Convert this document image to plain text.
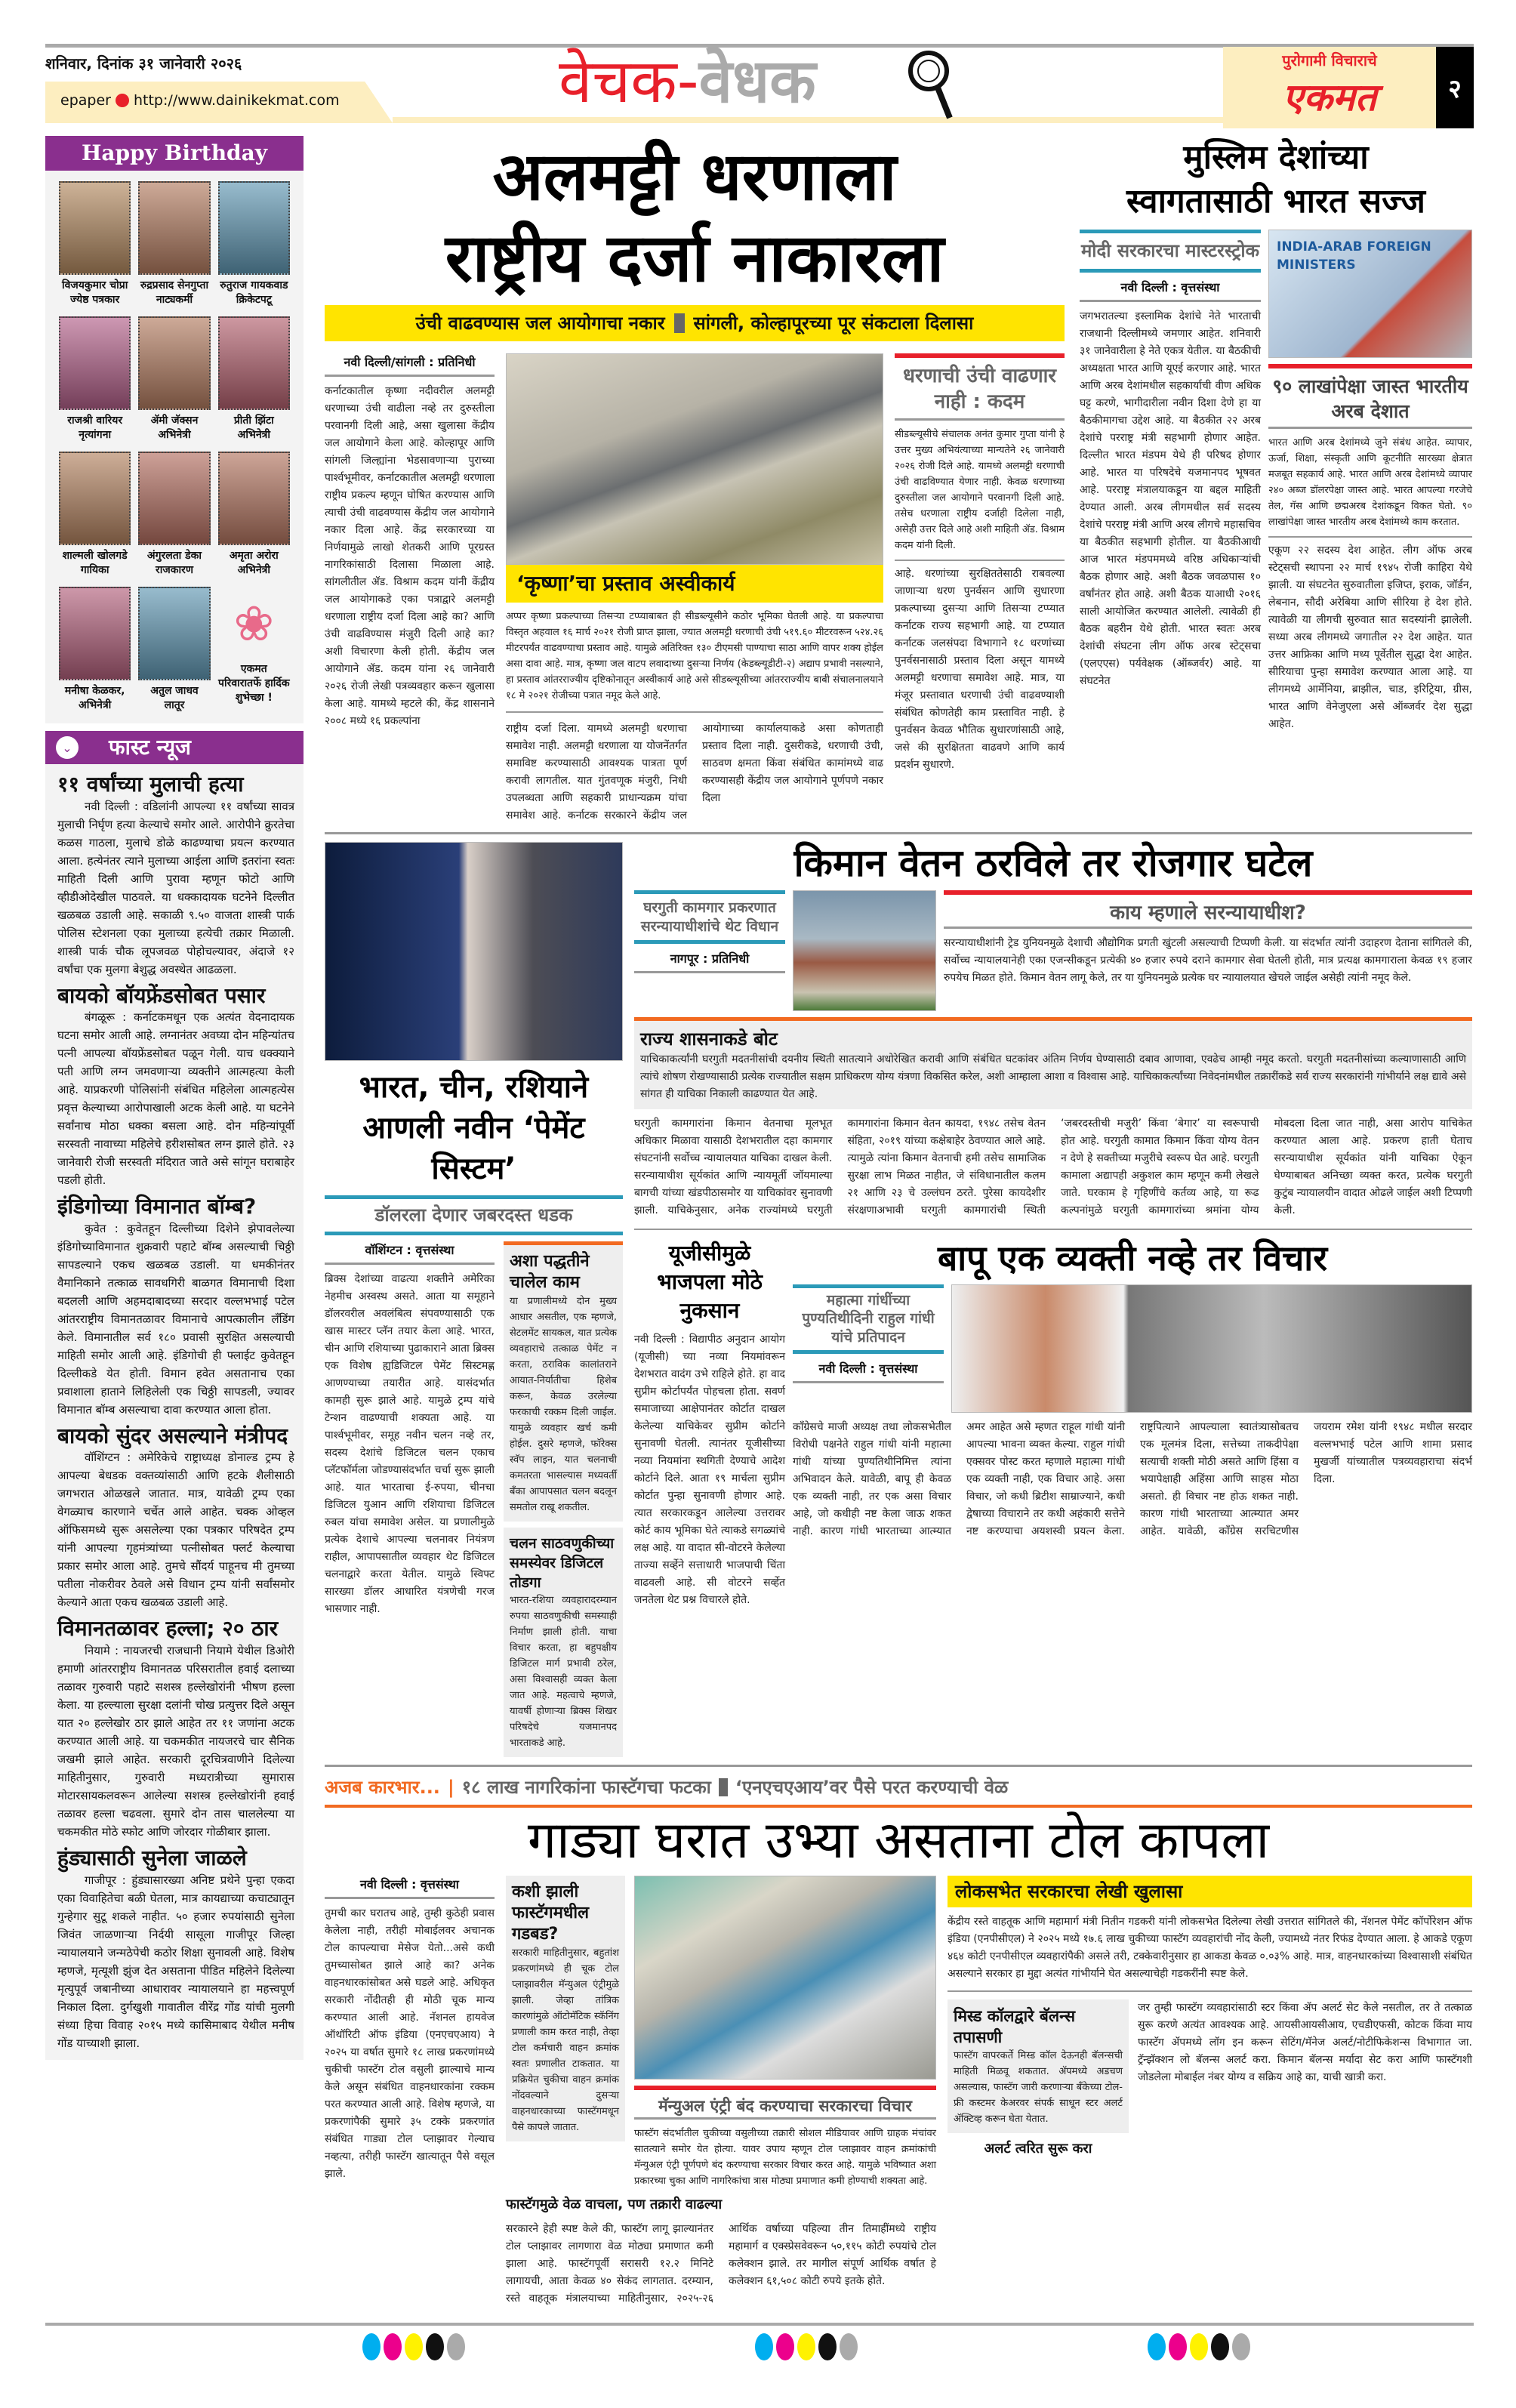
शनिवार, दिनांक ३१ जानेवारी २०२६
epaper http://www.dainikekmat.com	वेचक-वेधक	पुरोगामी विचाराचे
एकमत	२
Happy Birthday
विजयकुमार चोप्रा
ज्येष्ठ पत्रकार
रुद्रप्रसाद सेनगुप्ता
नाट्यकर्मी
रुतुराज गायकवाड
क्रिकेटपटू
राजश्री वारियर
नृत्यांगना
ॲमी जॅक्सन
अभिनेत्री
प्रीती झिंटा
अभिनेत्री
शाल्मली खोलगडे
गायिका
अंगुरलता डेका
राजकारण
अमृता अरोरा
अभिनेत्री
मनीषा केळकर,
अभिनेत्री
अतुल जाधव
लातूर
❀
एकमत परिवारातर्फे हार्दिक शुभेच्छा !
⌄ फास्ट न्यूज
११ वर्षांच्या मुलाची हत्या

नवी दिल्ली : वडिलांनी आपल्या ११ वर्षांच्या सावत्र मुलाची निर्घृण हत्या केल्याचे समोर आले. आरोपीने क्रुरतेचा कळस गाठला, मुलाचे डोळे काढण्याचा प्रयत्न करण्यात आला. हत्येनंतर त्याने मुलाच्या आईला आणि इतरांना स्वतः माहिती दिली आणि पुरावा म्हणून फोटो आणि व्हीडीओदेखील पाठवले. या धक्कादायक घटनेने दिल्लीत खळबळ उडाली आहे. सकाळी ९.५० वाजता शास्त्री पार्क पोलिस स्टेशनला एका मुलाच्या हत्येची तक्रार मिळाली. शास्त्री पार्क चौक लूपजवळ पोहोचल्यावर, अंदाजे १२ वर्षांचा एक मुलगा बेशुद्ध अवस्थेत आढळला.

बायको बॉयफ्रेंडसोबत पसार

बंगळूरू : कर्नाटकमधून एक अत्यंत वेदनादायक घटना समोर आली आहे. लग्नानंतर अवघ्या दोन महिन्यांतच पत्नी आपल्या बॉयफ्रेंडसोबत पळून गेली. याच धक्क्याने पती आणि लग्न जमवणाऱ्या व्यक्तीने आत्महत्या केली आहे. याप्रकरणी पोलिसांनी संबंधित महिलेला आत्महत्येस प्रवृत्त केल्याच्या आरोपाखाली अटक केली आहे. या घटनेने सर्वांनाच मोठा धक्का बसला आहे. दोन महिन्यांपूर्वी सरस्वती नावाच्या महिलेचे हरीशसोबत लग्न झाले होते. २३ जानेवारी रोजी सरस्वती मंदिरात जाते असे सांगून घराबाहेर पडली होती.

इंडिगोच्या विमानात बॉम्ब?

कुवेत : कुवेतहून दिल्लीच्या दिशेने झेपावलेल्या इंडिगोच्याविमानात शुक्रवारी पहाटे बॉम्ब असल्याची चिठ्ठी सापडल्याने एकच खळबळ उडाली. या धमकीनंतर वैमानिकाने तत्काळ सावधगिरी बाळगत विमानाची दिशा बदलली आणि अहमदाबादच्या सरदार वल्लभभाई पटेल आंतरराष्ट्रीय विमानतळावर विमानाचे आपत्कालीन लॅंडिंग केले. विमानातील सर्व १८० प्रवासी सुरक्षित असल्याची माहिती समोर आली आहे. इंडिगोची ही फ्लाईट कुवेतहून दिल्लीकडे येत होती. विमान हवेत असतानाच एका प्रवाशाला हाताने लिहिलेली एक चिठ्ठी सापडली, ज्यावर विमानात बॉम्ब असल्याचा दावा करण्यात आला होता.

बायको सुंदर असल्याने मंत्रीपद

वॉशिंग्टन : अमेरिकेचे राष्ट्राध्यक्ष डोनाल्ड ट्रम्प हे आपल्या बेधडक वक्तव्यांसाठी आणि हटके शैलीसाठी जगभरात ओळखले जातात. मात्र, यावेळी ट्रम्प एका वेगळ्याच कारणाने चर्चेत आले आहेत. चक्क ओव्हल ऑफिसमध्ये सुरू असलेल्या एका पत्रकार परिषदेत ट्रम्प यांनी आपल्या गृहमंत्र्यांच्या पत्नीसोबत फ्लर्ट केल्याचा प्रकार समोर आला आहे. तुमचे सौंदर्य पाहूनच मी तुमच्या पतीला नोकरीवर ठेवले असे विधान ट्रम्प यांनी सर्वांसमोर केल्याने आता एकच खळबळ उडाली आहे.

विमानतळावर हल्ला; २० ठार

नियामे : नायजरची राजधानी नियामे येथील डिओरी हमाणी आंतरराष्ट्रीय विमानतळ परिसरातील हवाई दलाच्या तळावर गुरुवारी पहाटे सशस्त्र हल्लेखोरांनी भीषण हल्ला केला. या हल्ल्याला सुरक्षा दलांनी चोख प्रत्युत्तर दिले असून यात २० हल्लेखोर ठार झाले आहेत तर ११ जणांना अटक करण्यात आली आहे. या चकमकीत नायजरचे चार सैनिक जखमी झाले आहेत. सरकारी दूरचित्रवाणीने दिलेल्या माहितीनुसार, गुरुवारी मध्यरात्रीच्या सुमारास मोटारसायकलवरून आलेल्या सशस्त्र हल्लेखोरांनी हवाई तळावर हल्ला चढवला. सुमारे दोन तास चाललेल्या या चकमकीत मोठे स्फोट आणि जोरदार गोळीबार झाला.

हुंड्यासाठी सुनेला जाळले

गाजीपूर : हुंड्यासारख्या अनिष्ट प्रथेने पुन्हा एकदा एका विवाहितेचा बळी घेतला, मात्र कायद्याच्या कचाट्यातून गुन्हेगार सुटू शकले नाहीत. ५० हजार रुपयांसाठी सुनेला जिवंत जाळणाऱ्या निर्दयी सासूला गाजीपूर जिल्हा न्यायालयाने जन्मठेपेची कठोर शिक्षा सुनावली आहे. विशेष म्हणजे, मृत्यूशी झुंज देत असताना पीडित महिलेने दिलेल्या मृत्युपूर्व जबानीच्या आधारावर न्यायालयाने हा महत्त्वपूर्ण निकाल दिला. दुर्गखुशी गावातील वीरेंद्र गोंड यांची मुलगी संध्या हिचा विवाह २०१५ मध्ये कासिमाबाद येथील मनीष गोंड याच्याशी झाला.

अलमट्टी धरणाला
राष्ट्रीय दर्जा नाकारला
उंची वाढवण्यास जल आयोगाचा नकार सांगली, कोल्हापूरच्या पूर संकटाला दिलासा
नवी दिल्ली/सांगली : प्रतिनिधी
कर्नाटकातील कृष्णा नदीवरील अलमट्टी धरणाच्या उंची वाढीला नव्हे तर दुरुस्तीला परवानगी दिली आहे, असा खुलासा केंद्रीय जल आयोगाने केला आहे. कोल्हापूर आणि सांगली जिल्ह्यांना भेडसावणाऱ्या पुराच्या पार्श्वभूमीवर, कर्नाटकातील अलमट्टी धरणाला राष्ट्रीय प्रकल्प म्हणून घोषित करण्यास आणि त्याची उंची वाढवण्यास केंद्रीय जल आयोगाने नकार दिला आहे. केंद्र सरकारच्या या निर्णयामुळे लाखो शेतकरी आणि पूरग्रस्त नागरिकांसाठी दिलासा मिळाला आहे. सांगलीतील ॲड. विश्राम कदम यांनी केंद्रीय जल आयोगाकडे एका पत्राद्वारे अलमट्टी धरणाला राष्ट्रीय दर्जा दिला आहे का? आणि उंची वाढविण्यास मंजुरी दिली आहे का? अशी विचारणा केली होती. केंद्रीय जल आयोगाने ॲड. कदम यांना २६ जानेवारी २०२६ रोजी लेखी पत्रव्यवहार करून खुलासा केला आहे. यामध्ये म्हटले की, केंद्र शासनाने २००८ मध्ये १६ प्रकल्पांना
‘कृष्णा’चा प्रस्ताव अस्वीकार्य
अप्पर कृष्णा प्रकल्पाच्या तिसऱ्या टप्प्याबाबत ही सीडब्ल्यूसीने कठोर भूमिका घेतली आहे. या प्रकल्पाचा विस्तृत अहवाल १६ मार्च २०२१ रोजी प्राप्त झाला, ज्यात अलमट्टी धरणाची उंची ५१९.६० मीटरवरून ५२४.२६ मीटरपर्यंत वाढवण्याचा प्रस्ताव आहे. यामुळे अतिरिक्त १३० टीएमसी पाण्याचा साठा आणि वापर शक्य होईल असा दावा आहे. मात्र, कृष्णा जल वाटप लवादाच्या दुसऱ्या निर्णय (केडब्ल्यूडीटी-२) अद्याप प्रभावी नसल्याने, हा प्रस्ताव आंतरराज्यीय दृष्टिकोनातून अस्वीकार्य आहे असे सीडब्ल्यूसीच्या आंतरराज्यीय बाबी संचालनालयाने १८ मे २०२१ रोजीच्या पत्रात नमूद केले आहे.
राष्ट्रीय दर्जा दिला. यामध्ये अलमट्टी धरणाचा समावेश नाही. अलमट्टी धरणाला या योजनेंतर्गत समाविष्ट करण्यासाठी आवश्यक पात्रता पूर्ण करावी लागतील. यात गुंतवणूक मंजुरी, निधी उपलब्धता आणि सहकारी प्राधान्यक्रम यांचा समावेश आहे. कर्नाटक सरकारने केंद्रीय जल आयोगाच्या कार्यालयाकडे असा कोणताही प्रस्ताव दिला नाही. दुसरीकडे, धरणाची उंची, साठवण क्षमता किंवा संबंधित कामांमध्ये वाढ करण्यासही केंद्रीय जल आयोगाने पूर्णपणे नकार दिला
धरणाची उंची वाढणार नाही : कदम
सीडब्ल्यूसीचे संचालक अनंत कुमार गुप्ता यांनी हे उत्तर मुख्य अभियंत्याच्या मान्यतेने २६ जानेवारी २०२६ रोजी दिले आहे. यामध्ये अलमट्टी धरणाची उंची वाढविण्यात येणार नाही. केवळ धरणाच्या दुरुस्तीला जल आयोगाने परवानगी दिली आहे. तसेच धरणाला राष्ट्रीय दर्जाही दिलेला नाही, असेही उत्तर दिले आहे अशी माहिती ॲड. विश्राम कदम यांनी दिली.
आहे. धरणांच्या सुरक्षिततेसाठी राबवल्या जाणाऱ्या धरण पुनर्वसन आणि सुधारणा प्रकल्पाच्या दुसऱ्या आणि तिसऱ्या टप्प्यात कर्नाटक राज्य सहभागी आहे. या टप्प्यात कर्नाटक जलसंपदा विभागाने १८ धरणांच्या पुनर्वसनासाठी प्रस्ताव दिला असून यामध्ये अलमट्टी धरणाचा समावेश आहे. मात्र, या मंजूर प्रस्तावात धरणाची उंची वाढवण्याशी संबंधित कोणतेही काम प्रस्तावित नाही. हे पुनर्वसन केवळ भौतिक सुधारणांसाठी आहे, जसे की सुरक्षितता वाढवणे आणि कार्य प्रदर्शन सुधारणे.
मुस्लिम देशांच्या
स्वागतासाठी भारत सज्ज
मोदी सरकारचा मास्टरस्ट्रोक
नवी दिल्ली : वृत्तसंस्था
जगभरातल्या इस्लामिक देशांचे नेते भारताची राजधानी दिल्लीमध्ये जमणार आहेत. शनिवारी ३१ जानेवारीला हे नेते एकत्र येतील. या बैठकीची अध्यक्षता भारत आणि यूएई करणार आहे. भारत आणि अरब देशांमधील सहकार्याची वीण अधिक घट्ट करणे, भागीदारीला नवीन दिशा देणे हा या बैठकीमागचा उद्देश आहे. या बैठकीत २२ अरब देशांचे परराष्ट्र मंत्री सहभागी होणार आहेत. दिल्लीत भारत मंडपम येथे ही परिषद होणार आहे. भारत या परिषदेचे यजमानपद भूषवत आहे. परराष्ट्र मंत्रालयाकडून या बद्दल माहिती देण्यात आली. अरब लीगमधील सर्व सदस्य देशांचे परराष्ट्र मंत्री आणि अरब लीगचे महासचिव या बैठकीत सहभागी होतील. या बैठकीआधी आज भारत मंडपममध्ये वरिष्ठ अधिकाऱ्यांची बैठक होणार आहे. अशी बैठक जवळपास १० वर्षांनंतर होत आहे. अशी बैठक याआधी २०१६ साली आयोजित करण्यात आलेली. त्यावेळी ही बैठक बहरीन येथे होती. भारत स्वतः अरब देशांची संघटना लीग ऑफ अरब स्टेट्सचा (एलएएस) पर्यवेक्षक (ऑब्जर्वर) आहे. या संघटनेत
INDIA-ARAB FOREIGN MINISTERS
९० लाखांपेक्षा जास्त भारतीय अरब देशात
भारत आणि अरब देशांमध्ये जुने संबंध आहेत. व्यापार, ऊर्जा, शिक्षा, संस्कृती आणि कूटनीति सारख्या क्षेत्रात मजबूत सहकार्य आहे. भारत आणि अरब देशांमध्ये व्यापार २४० अब्ज डॉलरपेक्षा जास्त आहे. भारत आपल्या गरजेचे तेल, गॅस आणि छद्मअरब देशांकडून विकत घेतो. ९० लाखांपेक्षा जास्त भारतीय अरब देशांमध्ये काम करतात.
एकूण २२ सदस्य देश आहेत. लीग ऑफ अरब स्टेट्सची स्थापना २२ मार्च १९४५ रोजी काहिरा येथे झाली. या संघटनेत सुरुवातीला इजिप्त, इराक, जॉर्डन, लेबनान, सौदी अरेबिया आणि सीरिया हे देश होते. त्यावेळी या लीगची सुरुवात सात सदस्यांनी झालेली. सध्या अरब लीगमध्ये जगातील २२ देश आहेत. यात उत्तर आफ्रिका आणि मध्य पूर्वेतील सुद्धा देश आहेत. सीरियाचा पुन्हा समावेश करण्यात आला आहे. या लीगमध्ये आर्मेनिया, ब्राझील, चाड, इरिट्रिया, ग्रीस, भारत आणि वेनेजुएला असे ऑब्जर्वर देश सुद्धा आहेत.
भारत, चीन, रशियाने आणली नवीन ‘पेमेंट सिस्टम’
डॉलरला देणार जबरदस्त धडक
वॉशिंग्टन : वृत्तसंस्था
ब्रिक्स देशांच्या वाढत्या शक्तीने अमेरिका नेहमीच अस्वस्थ असते. आता या समूहाने डॉलरवरील अवलंबित्व संपवण्यासाठी एक खास मास्टर प्लॅन तयार केला आहे. भारत, चीन आणि रशियाच्या पुढाकाराने आता ब्रिक्स एक विशेष ह्यडिजिटल पेमेंट सिस्टमह्ण आणण्याच्या तयारीत आहे. यासंदर्भात कामही सुरू झाले आहे. यामुळे ट्रम्प यांचे टेन्शन वाढण्याची शक्यता आहे. या पार्श्वभूमीवर, समूह नवीन चलन नव्हे तर, सदस्य देशांचे डिजिटल चलन एकाच प्लॅटफॉर्मला जोडण्यासंदर्भात चर्चा सुरू झाली आहे. यात भारताचा ई-रुपया, चीनचा डिजिटल युआन आणि रशियाचा डिजिटल रुबल यांचा समावेश असेल. या प्रणालीमुळे प्रत्येक देशाचे आपल्या चलनावर नियंत्रण राहील, आपापसातील व्यवहार थेट डिजिटल चलनाद्वारे करता येतील. यामुळे स्विफ्ट सारख्या डॉलर आधारित यंत्रणेची गरज भासणार नाही.
अशा पद्धतीने चालेल काम
या प्रणालीमध्ये दोन मुख्य आधार असतील, एक म्हणजे, सेटलमेंट सायकल, यात प्रत्येक व्यवहाराचे तत्काळ पेमेंट न करता, ठराविक कालांतराने आयात-निर्यातीचा हिशेब करून, केवळ उरलेल्या फरकाची रक्कम दिली जाईल. यामुळे व्यवहार खर्च कमी होईल. दुसरे म्हणजे, फॉरेक्स स्वॅप लाइन, यात चलनाची कमतरता भासल्यास मध्यवर्ती बँका आपापसात चलन बदलून समतोल राखू शकतील.
चलन साठवणुकीच्या समस्येवर डिजिटल तोडगा
भारत-रशिया व्यवहारादरम्यान रुपया साठवणुकीची समस्याही निर्माण झाली होती. याचा विचार करता, हा बहुपक्षीय डिजिटल मार्ग प्रभावी ठरेल, असा विश्वासही व्यक्त केला जात आहे. महत्वाचे म्हणजे, यावर्षी होणाऱ्या ब्रिक्स शिखर परिषदेचे यजमानपद भारताकडे आहे.
किमान वेतन ठरविले तर रोजगार घटेल
घरगुती कामगार प्रकरणात सरन्यायाधीशांचे थेट विधान
नागपूर : प्रतिनिधी
काय म्हणाले सरन्यायाधीश?
सरन्यायाधीशांनी ट्रेड युनियनमुळे देशाची औद्योगिक प्रगती खुंटली असल्याची टिप्पणी केली. या संदर्भात त्यांनी उदाहरण देताना सांगितले की, सर्वोच्च न्यायालयानेही एका एजन्सीकडून प्रत्येकी ४० हजार रुपये दराने कामगार सेवा घेतली होती, मात्र प्रत्यक्ष कामगाराला केवळ १९ हजार रुपयेच मिळत होते. किमान वेतन लागू केले, तर या युनियनमुळे प्रत्येक घर न्यायालयात खेचले जाईल असेही त्यांनी नमूद केले.
राज्य शासनाकडे बोट
याचिकाकर्त्यांनी घरगुती मदतनीसांची दयनीय स्थिती सातत्याने अधोरेखित करावी आणि संबंधित घटकांवर अंतिम निर्णय घेण्यासाठी दबाव आणावा, एवढेच आम्ही नमूद करतो. घरगुती मदतनीसांच्या कल्याणासाठी आणि त्यांचे शोषण रोखण्यासाठी प्रत्येक राज्यातील सक्षम प्राधिकरण योग्य यंत्रणा विकसित करेल, अशी आम्हाला आशा व विश्वास आहे. याचिकाकर्त्यांच्या निवेदनांमधील तक्रारींकडे सर्व राज्य सरकारांनी गांभीर्याने लक्ष द्यावे असे सांगत ही याचिका निकाली काढण्यात येत आहे.
घरगुती कामगारांना किमान वेतनाचा मूलभूत अधिकार मिळावा यासाठी देशभरातील दहा कामगार संघटनांनी सर्वोच्च न्यायालयात याचिका दाखल केली. सरन्यायाधीश सूर्यकांत आणि न्यायमूर्ती जॉयमाल्या बागची यांच्या खंडपीठासमोर या याचिकांवर सुनावणी झाली. याचिकेनुसार, अनेक राज्यांमध्ये घरगुती कामगारांना किमान वेतन कायदा, १९४८ तसेच वेतन संहिता, २०१९ यांच्या कक्षेबाहेर ठेवण्यात आले आहे. त्यामुळे त्यांना किमान वेतनाची हमी तसेच सामाजिक सुरक्षा लाभ मिळत नाहीत, जे संविधानातील कलम २१ आणि २३ चे उल्लंघन ठरते. पुरेसा कायदेशीर संरक्षणाअभावी घरगुती कामगारांची स्थिती ‘जबरदस्तीची मजुरी’ किंवा ‘बेगार’ या स्वरूपाची होत आहे. घरगुती कामात किमान किंवा योग्य वेतन न देणे हे सक्तीच्या मजुरीचे स्वरूप घेत आहे. घरगुती कामाला अद्यापही अकुशल काम म्हणून कमी लेखले जाते. घरकाम हे गृहिणींचे कर्तव्य आहे, या रूढ कल्पनांमुळे घरगुती कामगारांच्या श्रमांना योग्य मोबदला दिला जात नाही, असा आरोप याचिकेत करण्यात आला आहे. प्रकरण हाती घेताच सरन्यायाधीश सूर्यकांत यांनी याचिका ऐकून घेण्याबाबत अनिच्छा व्यक्त करत, प्रत्येक घरगुती कुटुंब न्यायालयीन वादात ओढले जाईल अशी टिप्पणी केली.
यूजीसीमुळे भाजपला मोठे नुकसान
नवी दिल्ली : विद्यापीठ अनुदान आयोग (यूजीसी) च्या नव्या नियमांवरून देशभरात वादंग उभे राहिले होते. हा वाद सुप्रीम कोर्टापर्यंत पोहचला होता. सवर्ण समाजाच्या आक्षेपानंतर कोर्टात दाखल केलेल्या याचिकेवर सुप्रीम कोर्टाने सुनावणी घेतली. त्यानंतर यूजीसीच्या नव्या नियमांना स्थगिती देण्याचे आदेश कोर्टाने दिले. आता १९ मार्चला सुप्रीम कोर्टात पुन्हा सुनावणी होणार आहे. त्यात सरकारकडून आलेल्या उत्तरावर कोर्ट काय भूमिका घेते त्याकडे सगळ्यांचे लक्ष आहे. या वादात सी-वोटरने केलेल्या ताज्या सर्व्हेने सत्ताधारी भाजपाची चिंता वाढवली आहे. सी वोटरने सर्व्हेत जनतेला थेट प्रश्न विचारले होते.
बापू एक व्यक्ती नव्हे तर विचार
महात्मा गांधींच्या पुण्यतिथीदिनी राहुल गांधी यांचे प्रतिपादन
नवी दिल्ली : वृत्तसंस्था
काँग्रेसचे माजी अध्यक्ष तथा लोकसभेतील विरोधी पक्षनेते राहुल गांधी यांनी महात्मा गांधी यांच्या पुण्यतिथीनिमित्त त्यांना अभिवादन केले. यावेळी, बापू ही केवळ एक व्यक्ती नाही, तर एक असा विचार आहे, जो कधीही नष्ट केला जाऊ शकत नाही. कारण गांधी भारताच्या आत्म्यात अमर आहेत असे म्हणत राहूल गांधी यांनी आपल्या भावना व्यक्त केल्या. राहुल गांधी एक्सवर पोस्ट करत म्हणाले महात्मा गांधी एक व्यक्ती नाही, एक विचार आहे. असा विचार, जो कधी ब्रिटीश साम्राज्याने, कधी द्वेषाच्या विचाराने तर कधी अहंकारी सत्तेने नष्ट करण्याचा अयशस्वी प्रयत्न केला. राष्ट्रपित्याने आपल्याला स्वातंत्र्यासोबतच एक मूलमंत्र दिला, सत्तेच्या ताकदीपेक्षा सत्याची शक्ती मोठी असते आणि हिंसा व भयापेक्षाही अहिंसा आणि साहस मोठा असतो. ही विचार नष्ट होऊ शकत नाही. कारण गांधी भारताच्या आत्म्यात अमर आहेत. यावेळी, काँग्रेस सरचिटणीस जयराम रमेश यांनी १९४८ मधील सरदार वल्लभभाई पटेल आणि शामा प्रसाद मुखर्जी यांच्यातील पत्रव्यवहाराचा संदर्भ दिला.
अजब कारभार... | १८ लाख नागरिकांना फास्टॅगचा फटका ‘एनएचएआय’वर पैसे परत करण्याची वेळ
गाड्या घरात उभ्या असताना टोल कापला
नवी दिल्ली : वृत्तसंस्था
तुमची कार घरातच आहे, तुम्ही कुठेही प्रवास केलेला नाही, तरीही मोबाईलवर अचानक टोल कापल्याचा मेसेज येतो...असे कधी तुमच्यासोबत झाले आहे का? अनेक वाहनधारकांसोबत असे घडले आहे. अधिकृत सरकारी नोंदीतही ही मोठी चूक मान्य करण्यात आली आहे. नॅशनल हायवेज ऑथॉरिटी ऑफ इंडिया (एनएचएआय) ने २०२५ या वर्षात सुमारे १८ लाख प्रकरणांमध्ये चुकीची फास्टॅग टोल वसुली झाल्याचे मान्य केले असून संबंधित वाहनधारकांना रक्कम परत करण्यात आली आहे. विशेष म्हणजे, या प्रकरणांपैकी सुमारे ३५ टक्के प्रकरणांत संबंधित गाड्या टोल प्लाझावर गेल्याच नव्हत्या, तरीही फास्टॅग खात्यातून पैसे वसूल झाले.
कशी झाली फास्टॅगमधील गडबड?
सरकारी माहितीनुसार, बहुतांश प्रकरणांमध्ये ही चूक टोल प्लाझावरील मॅन्युअल एंट्रीमुळे झाली. जेव्हा तांत्रिक कारणांमुळे ऑटोमॅटिक स्कॅनिंग प्रणाली काम करत नाही, तेव्हा टोल कर्मचारी वाहन क्रमांक स्वतः प्रणालीत टाकतात. या प्रक्रियेत चुकीचा वाहन क्रमांक नोंदवल्याने दुसऱ्या वाहनधारकाच्या फास्टॅगमधून पैसे कापले जातात.
मॅन्युअल एंट्री बंद करण्याचा सरकारचा विचार
फास्टॅग संदर्भातील चुकीच्या वसुलीच्या तक्रारी सोशल मीडियावर आणि ग्राहक मंचांवर सातत्याने समोर येत होत्या. यावर उपाय म्हणून टोल प्लाझावर वाहन क्रमांकांची मॅन्युअल एंट्री पूर्णपणे बंद करण्याचा सरकार विचार करत आहे. यामुळे भविष्यात अशा प्रकारच्या चुका आणि नागरिकांचा त्रास मोठ्या प्रमाणात कमी होण्याची शक्यता आहे.
फास्टॅगमुळे वेळ वाचला, पण तक्रारी वाढल्या
सरकारने हेही स्पष्ट केले की, फास्टॅग लागू झाल्यानंतर टोल प्लाझावर लागणारा वेळ मोठ्या प्रमाणात कमी झाला आहे. फास्टॅगपूर्वी सरासरी १२.२ मिनिटे लागायची, आता केवळ ४० सेकंद लागतात. दरम्यान, रस्ते वाहतूक मंत्रालयाच्या माहितीनुसार, २०२५-२६ आर्थिक वर्षाच्या पहिल्या तीन तिमाहींमध्ये राष्ट्रीय महामार्ग व एक्स्प्रेसवेवरून ५०,११५ कोटी रुपयांचे टोल कलेक्शन झाले. तर मागील संपूर्ण आर्थिक वर्षात हे कलेक्शन ६१,५०८ कोटी रुपये इतके होते.
लोकसभेत सरकारचा लेखी खुलासा
केंद्रीय रस्ते वाहतूक आणि महामार्ग मंत्री नितीन गडकरी यांनी लोकसभेत दिलेल्या लेखी उत्तरात सांगितले की, नॅशनल पेमेंट कॉर्पोरेशन ऑफ इंडिया (एनपीसीएल) ने २०२५ मध्ये १७.६ लाख चुकीच्या फास्टॅग व्यवहारांची नोंद केली, ज्यामध्ये नंतर रिफंड देण्यात आला. हे आकडे एकूण ४६४ कोटी एनपीसीएल व्यवहारांपैकी असले तरी, टक्केवारीनुसार हा आकडा केवळ ०.०३% आहे. मात्र, वाहनधारकांच्या विश्वासाशी संबंधित असल्याने सरकार हा मुद्दा अत्यंत गांभीर्याने घेत असल्याचेही गडकरींनी स्पष्ट केले.
मिस्ड कॉलद्वारे बॅलन्स तपासणी
फास्टॅग वापरकर्ते मिस्ड कॉल देऊनही बॅलन्सची माहिती मिळवू शकतात. ॲपमध्ये अडचण असल्यास, फास्टॅग जारी करणाऱ्या बँकेच्या टोल-फ्री कस्टमर केअरवर संपर्क साधून स्टर अलर्ट ॲक्टिव्ह करून घेता येतात.
अलर्ट त्वरित सुरू करा
जर तुम्ही फास्टॅग व्यवहारांसाठी स्टर किंवा ॲप अलर्ट सेट केले नसतील, तर ते तत्काळ सुरू करणे अत्यंत आवश्यक आहे. आयसीआयसीआय, एचडीएफसी, कोटक किंवा माय फास्टॅग ॲपमध्ये लॉग इन करून सेटिंग/मॅनेज अलर्ट/नोटीफिकेशन्स विभागात जा. ट्रॅन्झॅक्शन लो बॅलन्स अलर्ट करा. किमान बॅलन्स मर्यादा सेट करा आणि फास्टॅगशी जोडलेला मोबाईल नंबर योग्य व सक्रिय आहे का, याची खात्री करा.
